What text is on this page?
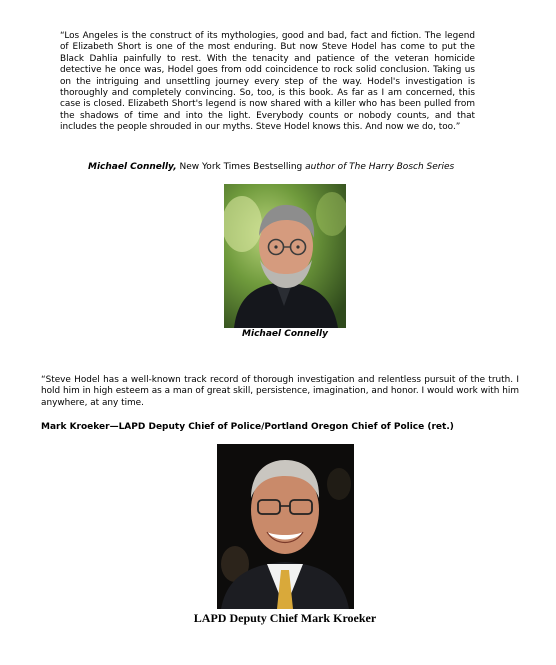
“Los Angeles is the construct of its mythologies, good and bad, fact and fiction. The legend of Elizabeth Short is one of the most enduring. But now Steve Hodel has come to put the Black Dahlia painfully to rest. With the tenacity and patience of the veteran homicide detective he once was, Hodel goes from odd coincidence to rock solid conclusion. Taking us on the intriguing and unsettling journey every step of the way. Hodel's investigation is thoroughly and completely convincing. So, too, is this book. As far as I am concerned, this case is closed. Elizabeth Short's legend is now shared with a killer who has been pulled from the shadows of time and into the light. Everybody counts or nobody counts, and that includes the people shrouded in our myths. Steve Hodel knows this. And now we do, too.”

Michael Connelly, New York Times Bestselling author of The Harry Bosch Series
Michael Connelly

“Steve Hodel has a well-known track record of thorough investigation and relentless pursuit of the truth. I hold him in high esteem as a man of great skill, persistence, imagination, and honor. I would work with him anywhere, at any time.

Mark Kroeker—LAPD Deputy Chief of Police/Portland Oregon Chief of Police (ret.)
LAPD Deputy Chief Mark Kroeker
